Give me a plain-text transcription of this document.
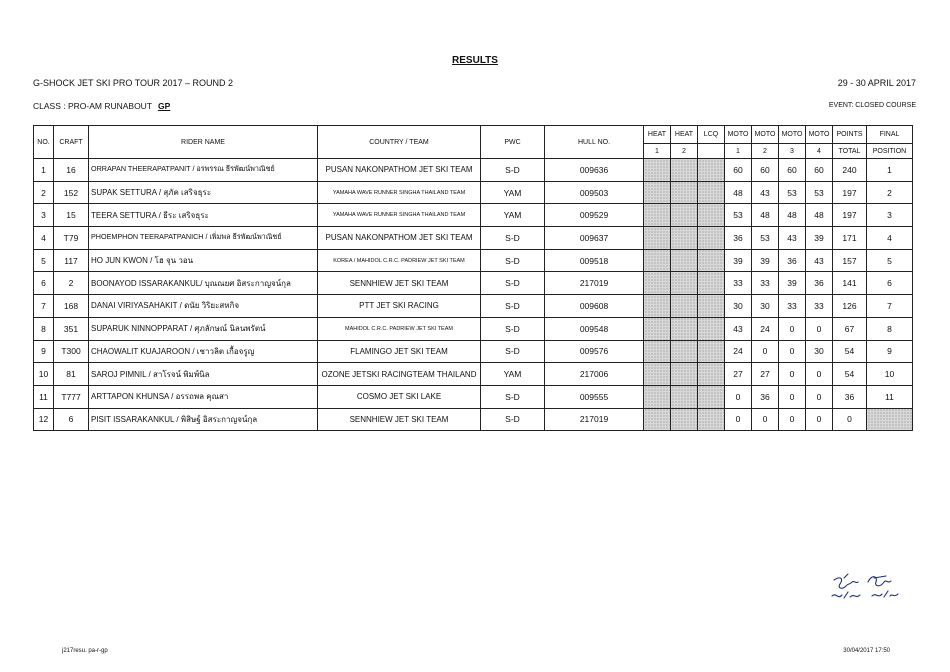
RESULTS
G-SHOCK JET SKI PRO TOUR 2017 – ROUND 2	29 - 30 APRIL 2017
CLASS : PRO-AM RUNABOUT GP	EVENT: CLOSED COURSE
NO.	CRAFT	RIDER NAME	COUNTRY / TEAM	PWC	HULL NO.	HEAT	HEAT	LCQ	MOTO	MOTO	MOTO	MOTO	POINTS	FINAL
						1	2		1	2	3	4	TOTAL	POSITION
1	16	ORRAPAN THEERAPATPANIT / อรพรรณ ธีรพัฒน์พาณิชย์	PUSAN NAKONPATHOM JET SKI TEAM	S-D	009636				60	60	60	60	240	1
2	152	SUPAK SETTURA / สุภัค เสริจธุระ	YAMAHA WAVE RUNNER SINGHA THAILAND TEAM	YAM	009503				48	43	53	53	197	2
3	15	TEERA SETTURA / ธีระ เสริจธุระ	YAMAHA WAVE RUNNER SINGHA THAILAND TEAM	YAM	009529				53	48	48	48	197	3
4	T79	PHOEMPHON TEERAPATPANICH / เพิ่มพล ธีรพัฒน์พาณิชย์	PUSAN NAKONPATHOM JET SKI TEAM	S-D	009637				36	53	43	39	171	4
5	117	HO JUN KWON / โฮ จุน วอน	KOREA / MAHIDOL C.R.C. PADRIEW JET SKI TEAM	S-D	009518				39	39	36	43	157	5
6	2	BOONAYOD ISSARAKANKUL/ บุณณยศ อิสระกาญจน์กุล	SENNHIEW JET SKI TEAM	S-D	217019				33	33	39	36	141	6
7	168	DANAI VIRIYASAHAKIT / ดนัย วิริยะสหกิจ	PTT JET SKI RACING	S-D	009608				30	30	33	33	126	7
8	351	SUPARUK NINNOPPARAT / ศุภลักษณ์ นิลนพรัตน์	MAHIDOL C.R.C. PADRIEW JET SKI TEAM	S-D	009548				43	24	0	0	67	8
9	T300	CHAOWALIT KUAJAROON / เชาวลิต เกื้อจรูญ	FLAMINGO JET SKI TEAM	S-D	009576				24	0	0	30	54	9
10	81	SAROJ PIMNIL / สาโรจน์ พิมพ์นิล	OZONE JETSKI RACINGTEAM THAILAND	YAM	217006				27	27	0	0	54	10
11	T777	ARTTAPON KHUNSA / อรรถพล คุณสา	COSMO JET SKI LAKE	S-D	009555				0	36	0	0	36	11
12	6	PISIT ISSARAKANKUL / พิสิษฐ์ อิสระกาญจน์กุล	SENNHIEW JET SKI TEAM	S-D	217019				0	0	0	0	0	
j217resu. pa-r-gp	30/04/2017 17:50
